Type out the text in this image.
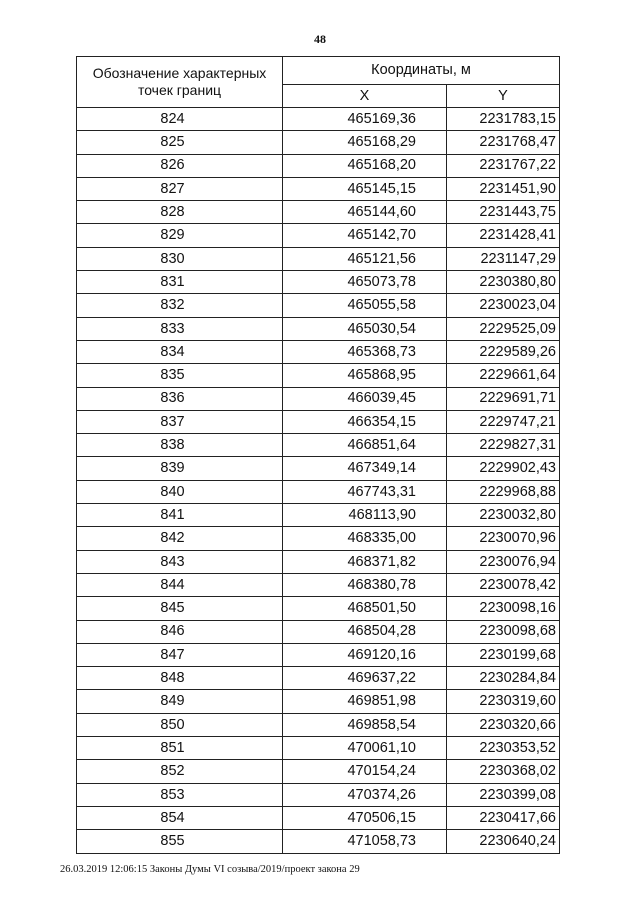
48
Обозначение характерных точек границ	Координаты, м	
	X	Y
824	465169,36	2231783,15
825	465168,29	2231768,47
826	465168,20	2231767,22
827	465145,15	2231451,90
828	465144,60	2231443,75
829	465142,70	2231428,41
830	465121,56	2231147,29
831	465073,78	2230380,80
832	465055,58	2230023,04
833	465030,54	2229525,09
834	465368,73	2229589,26
835	465868,95	2229661,64
836	466039,45	2229691,71
837	466354,15	2229747,21
838	466851,64	2229827,31
839	467349,14	2229902,43
840	467743,31	2229968,88
841	468113,90	2230032,80
842	468335,00	2230070,96
843	468371,82	2230076,94
844	468380,78	2230078,42
845	468501,50	2230098,16
846	468504,28	2230098,68
847	469120,16	2230199,68
848	469637,22	2230284,84
849	469851,98	2230319,60
850	469858,54	2230320,66
851	470061,10	2230353,52
852	470154,24	2230368,02
853	470374,26	2230399,08
854	470506,15	2230417,66
855	471058,73	2230640,24
26.03.2019 12:06:15 Законы Думы VI созыва/2019/проект закона 29
